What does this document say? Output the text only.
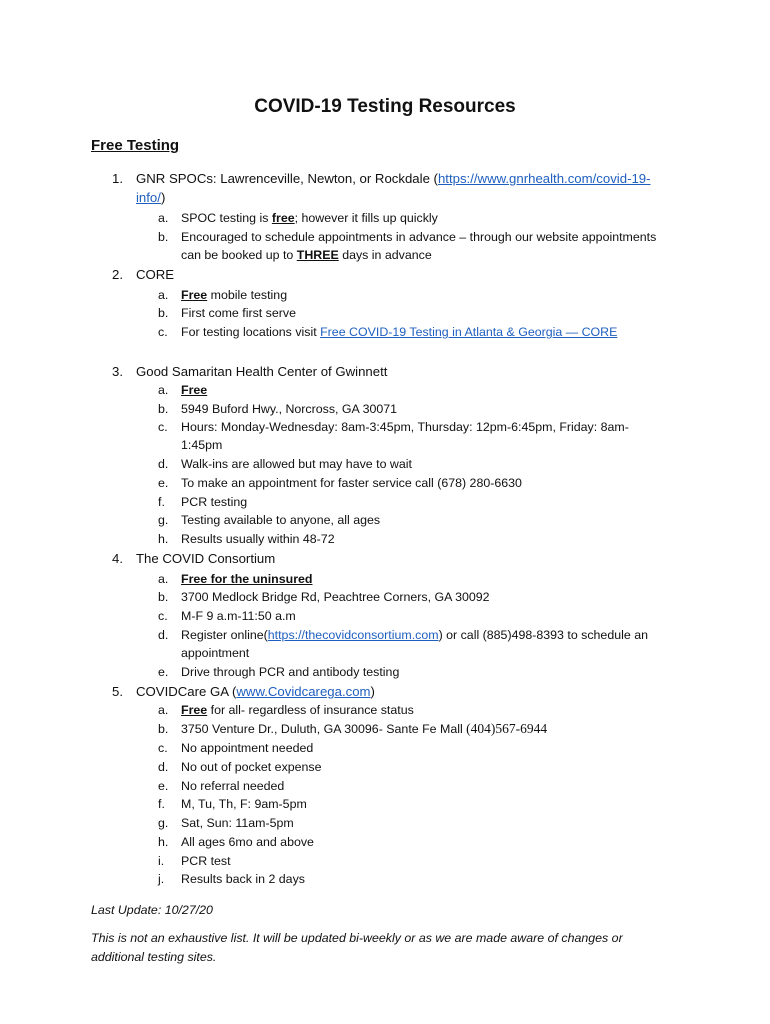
COVID-19 Testing Resources
Free Testing
1. GNR SPOCs: Lawrenceville, Newton, or Rockdale (https://www.gnrhealth.com/covid-19-
info/)
a. SPOC testing is free; however it fills up quickly
b. Encouraged to schedule appointments in advance – through our website appointments
can be booked up to THREE days in advance
2. CORE
a. Free mobile testing
b. First come first serve
c. For testing locations visit Free COVID-19 Testing in Atlanta & Georgia — CORE
3. Good Samaritan Health Center of Gwinnett
a. Free
b. 5949 Buford Hwy., Norcross, GA 30071
c. Hours: Monday-Wednesday: 8am-3:45pm, Thursday: 12pm-6:45pm, Friday: 8am-
1:45pm
d. Walk-ins are allowed but may have to wait
e. To make an appointment for faster service call (678) 280-6630
f. PCR testing
g. Testing available to anyone, all ages
h. Results usually within 48-72
4. The COVID Consortium
a. Free for the uninsured
b. 3700 Medlock Bridge Rd, Peachtree Corners, GA 30092
c. M-F 9 a.m-11:50 a.m
d. Register online(https://thecovidconsortium.com) or call (885)498-8393 to schedule an
appointment
e. Drive through PCR and antibody testing
5. COVIDCare GA (www.Covidcarega.com)
a. Free for all- regardless of insurance status
b. 3750 Venture Dr., Duluth, GA 30096- Sante Fe Mall (404)567-6944
c. No appointment needed
d. No out of pocket expense
e. No referral needed
f. M, Tu, Th, F: 9am-5pm
g. Sat, Sun: 11am-5pm
h. All ages 6mo and above
i. PCR test
j. Results back in 2 days
Last Update: 10/27/20
This is not an exhaustive list. It will be updated bi-weekly or as we are made aware of changes or
additional testing sites.
